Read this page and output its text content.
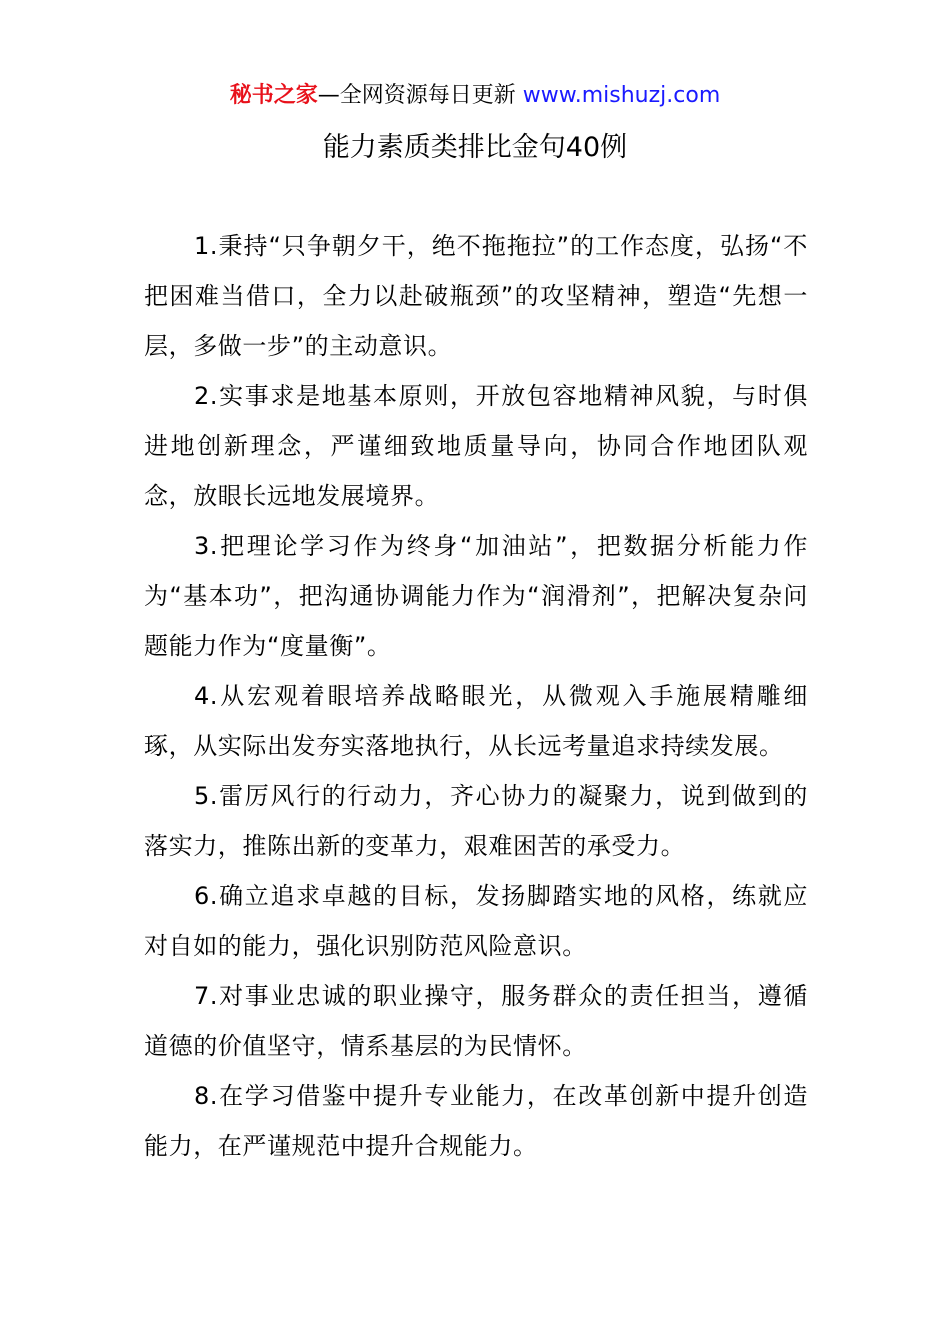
秘书之家—全网资源每日更新 www.mishuzj.com
能力素质类排比金句40例

1.秉持“只争朝夕干，绝不拖拖拉”的工作态度，弘扬“不把困难当借口，全力以赴破瓶颈”的攻坚精神，塑造“先想一层，多做一步”的主动意识。

2.实事求是地基本原则，开放包容地精神风貌，与时俱进地创新理念，严谨细致地质量导向，协同合作地团队观念，放眼长远地发展境界。

3.把理论学习作为终身“加油站”，把数据分析能力作为“基本功”，把沟通协调能力作为“润滑剂”，把解决复杂问题能力作为“度量衡”。

4.从宏观着眼培养战略眼光，从微观入手施展精雕细琢，从实际出发夯实落地执行，从长远考量追求持续发展。

5.雷厉风行的行动力，齐心协力的凝聚力，说到做到的落实力，推陈出新的变革力，艰难困苦的承受力。

6.确立追求卓越的目标，发扬脚踏实地的风格，练就应对自如的能力，强化识别防范风险意识。

7.对事业忠诚的职业操守，服务群众的责任担当，遵循道德的价值坚守，情系基层的为民情怀。

8.在学习借鉴中提升专业能力，在改革创新中提升创造能力，在严谨规范中提升合规能力。
